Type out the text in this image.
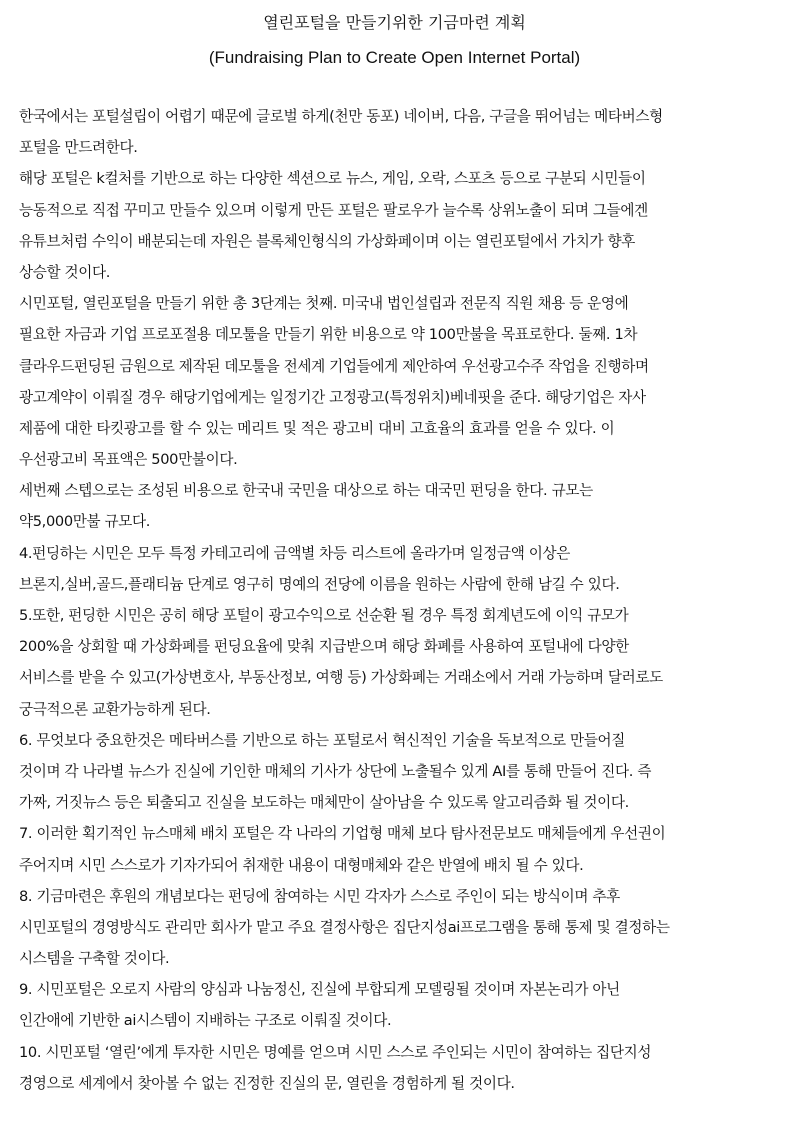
열린포털을 만들기위한 기금마련 계획
(Fundraising Plan to Create Open Internet Portal)
한국에서는 포털설립이 어렵기 때문에 글로벌 하게(천만 동포) 네이버, 다음, 구글을 뛰어넘는 메타버스형
포털을 만드려한다.
해당 포털은 k컬처를 기반으로 하는 다양한 섹션으로 뉴스, 게임, 오락, 스포츠 등으로 구분되 시민들이
능동적으로 직접 꾸미고 만들수 있으며 이렇게 만든 포털은 팔로우가 늘수록 상위노출이 되며 그들에겐
유튜브처럼 수익이 배분되는데 자원은 블록체인형식의 가상화페이며 이는 열린포털에서 가치가 향후
상승할 것이다.
시민포털, 열린포털을 만들기 위한 총 3단계는 첫째. 미국내 법인설립과 전문직 직원 채용 등 운영에
필요한 자금과 기업 프로포절용 데모툴을 만들기 위한 비용으로 약 100만불을 목표로한다. 둘째. 1차
클라우드펀딩된 금원으로 제작된 데모툴을 전세계 기업들에게 제안하여 우선광고수주 작업을 진행하며
광고계약이 이뤄질 경우 해당기업에게는 일정기간 고정광고(특정위치)베네핏을 준다. 해당기업은 자사
제품에 대한 타킷광고를 할 수 있는 메리트 및 적은 광고비 대비 고효율의 효과를 얻을 수 있다. 이
우선광고비 목표액은 500만불이다.
세번째 스텝으로는 조성된 비용으로 한국내 국민을 대상으로 하는 대국민 펀딩을 한다. 규모는
약5,000만불 규모다.
4.펀딩하는 시민은 모두 특정 카테고리에 금액별 차등 리스트에 올라가며 일정금액 이상은
브론지,실버,골드,플래티늄 단계로 영구히 명예의 전당에 이름을 원하는 사람에 한해 남길 수 있다.
5.또한, 펀딩한 시민은 공히 해당 포털이 광고수익으로 선순환 될 경우 특정 회계년도에 이익 규모가
200%을 상회할 때 가상화폐를 펀딩요율에 맞춰 지급받으며 해당 화폐를 사용하여 포털내에 다양한
서비스를 받을 수 있고(가상변호사, 부동산정보, 여행 등) 가상화폐는 거래소에서 거래 가능하며 달러로도
궁극적으론 교환가능하게 된다.
6. 무엇보다 중요한것은 메타버스를 기반으로 하는 포털로서 혁신적인 기술을 독보적으로 만들어질
것이며 각 나라별 뉴스가 진실에 기인한 매체의 기사가 상단에 노출될수 있게 AI를 통해 만들어 진다. 즉
가짜, 거짓뉴스 등은 퇴출되고 진실을 보도하는 매체만이 살아남을 수 있도록 알고리즘화 될 것이다.
7. 이러한 획기적인 뉴스매체 배치 포털은 각 나라의 기업형 매체 보다 탐사전문보도 매체들에게 우선권이
주어지며 시민 스스로가 기자가되어 취재한 내용이 대형매체와 같은 반열에 배치 될 수 있다.
8. 기금마련은 후원의 개념보다는 펀딩에 참여하는 시민 각자가 스스로 주인이 되는 방식이며 추후
시민포털의 경영방식도 관리만 회사가 맡고 주요 결정사항은 집단지성ai프로그램을 통해 통제 및 결정하는
시스템을 구축할 것이다.
9. 시민포털은 오로지 사람의 양심과 나눔정신, 진실에 부합되게 모델링될 것이며 자본논리가 아닌
인간애에 기반한 ai시스템이 지배하는 구조로 이뤄질 것이다.
10. 시민포털 ‘열린’에게 투자한 시민은 명예를 얻으며 시민 스스로 주인되는 시민이 참여하는 집단지성
경영으로 세계에서 찾아볼 수 없는 진정한 진실의 문, 열린을 경험하게 될 것이다.
